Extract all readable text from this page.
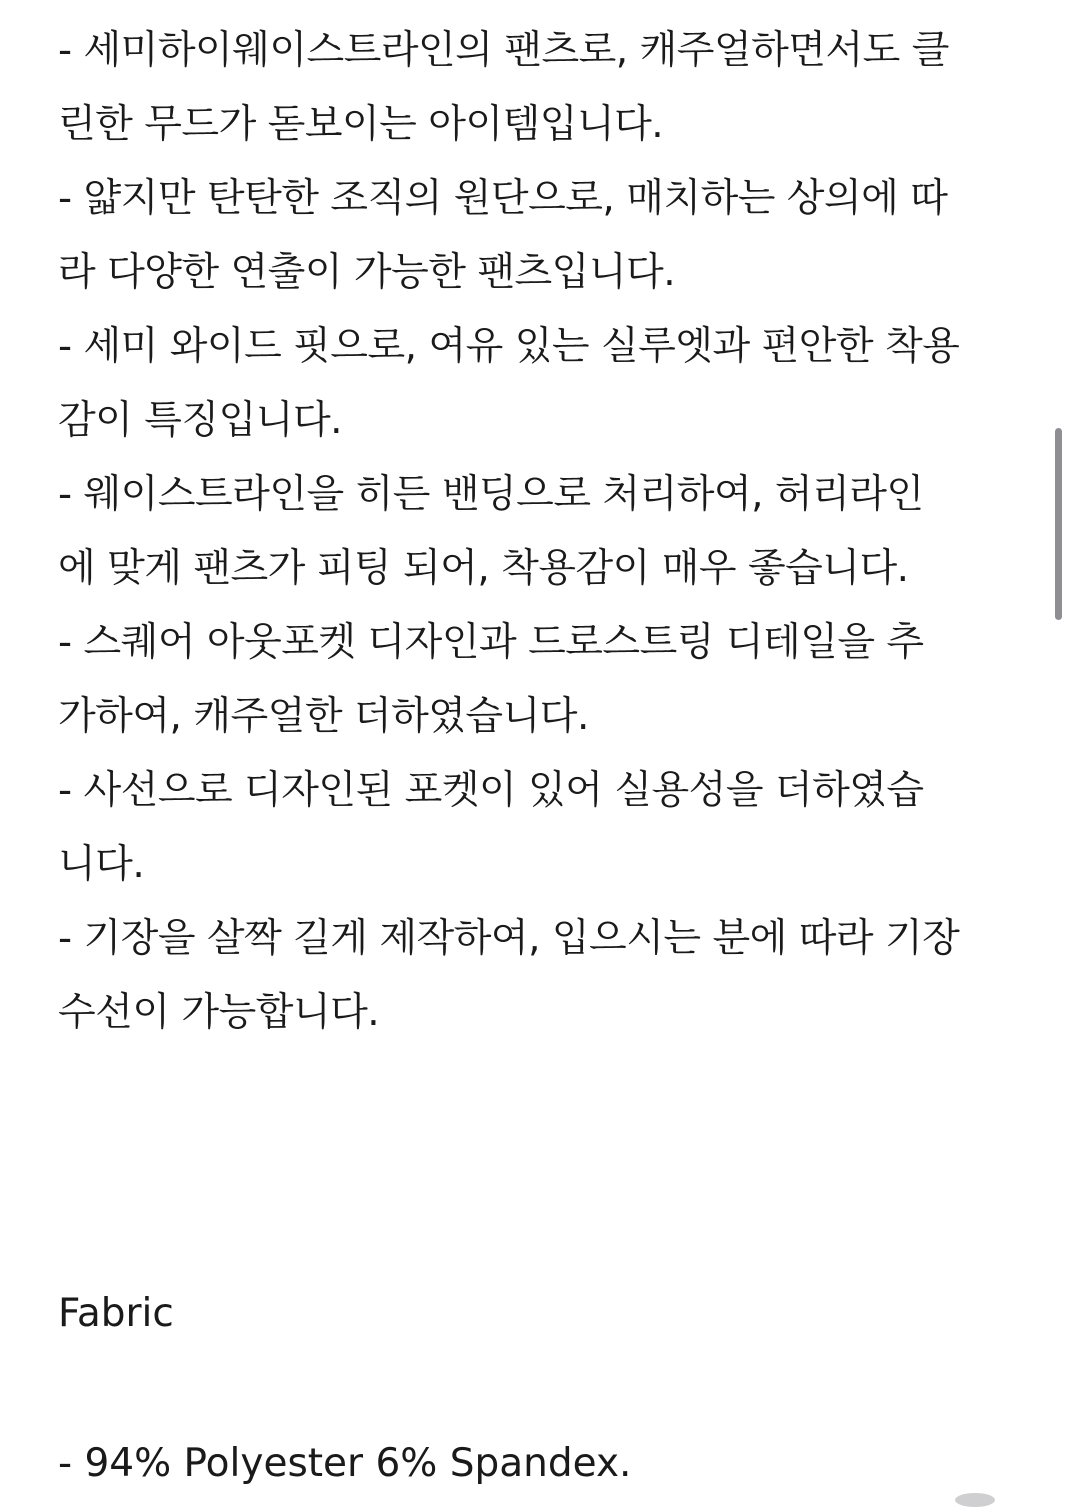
- 세미하이웨이스트라인의 팬츠로, 캐주얼하면서도 클
린한 무드가 돋보이는 아이템입니다.
- 얇지만 탄탄한 조직의 원단으로, 매치하는 상의에 따
라 다양한 연출이 가능한 팬츠입니다.
- 세미 와이드 핏으로, 여유 있는 실루엣과 편안한 착용
감이 특징입니다.
- 웨이스트라인을 히든 밴딩으로 처리하여, 허리라인
에 맞게 팬츠가 피팅 되어, 착용감이 매우 좋습니다.
- 스퀘어 아웃포켓 디자인과 드로스트링 디테일을 추
가하여, 캐주얼한 더하였습니다.
- 사선으로 디자인된 포켓이 있어 실용성을 더하였습
니다.
- 기장을 살짝 길게 제작하여, 입으시는 분에 따라 기장
수선이 가능합니다.
Fabric
- 94% Polyester 6% Spandex.
